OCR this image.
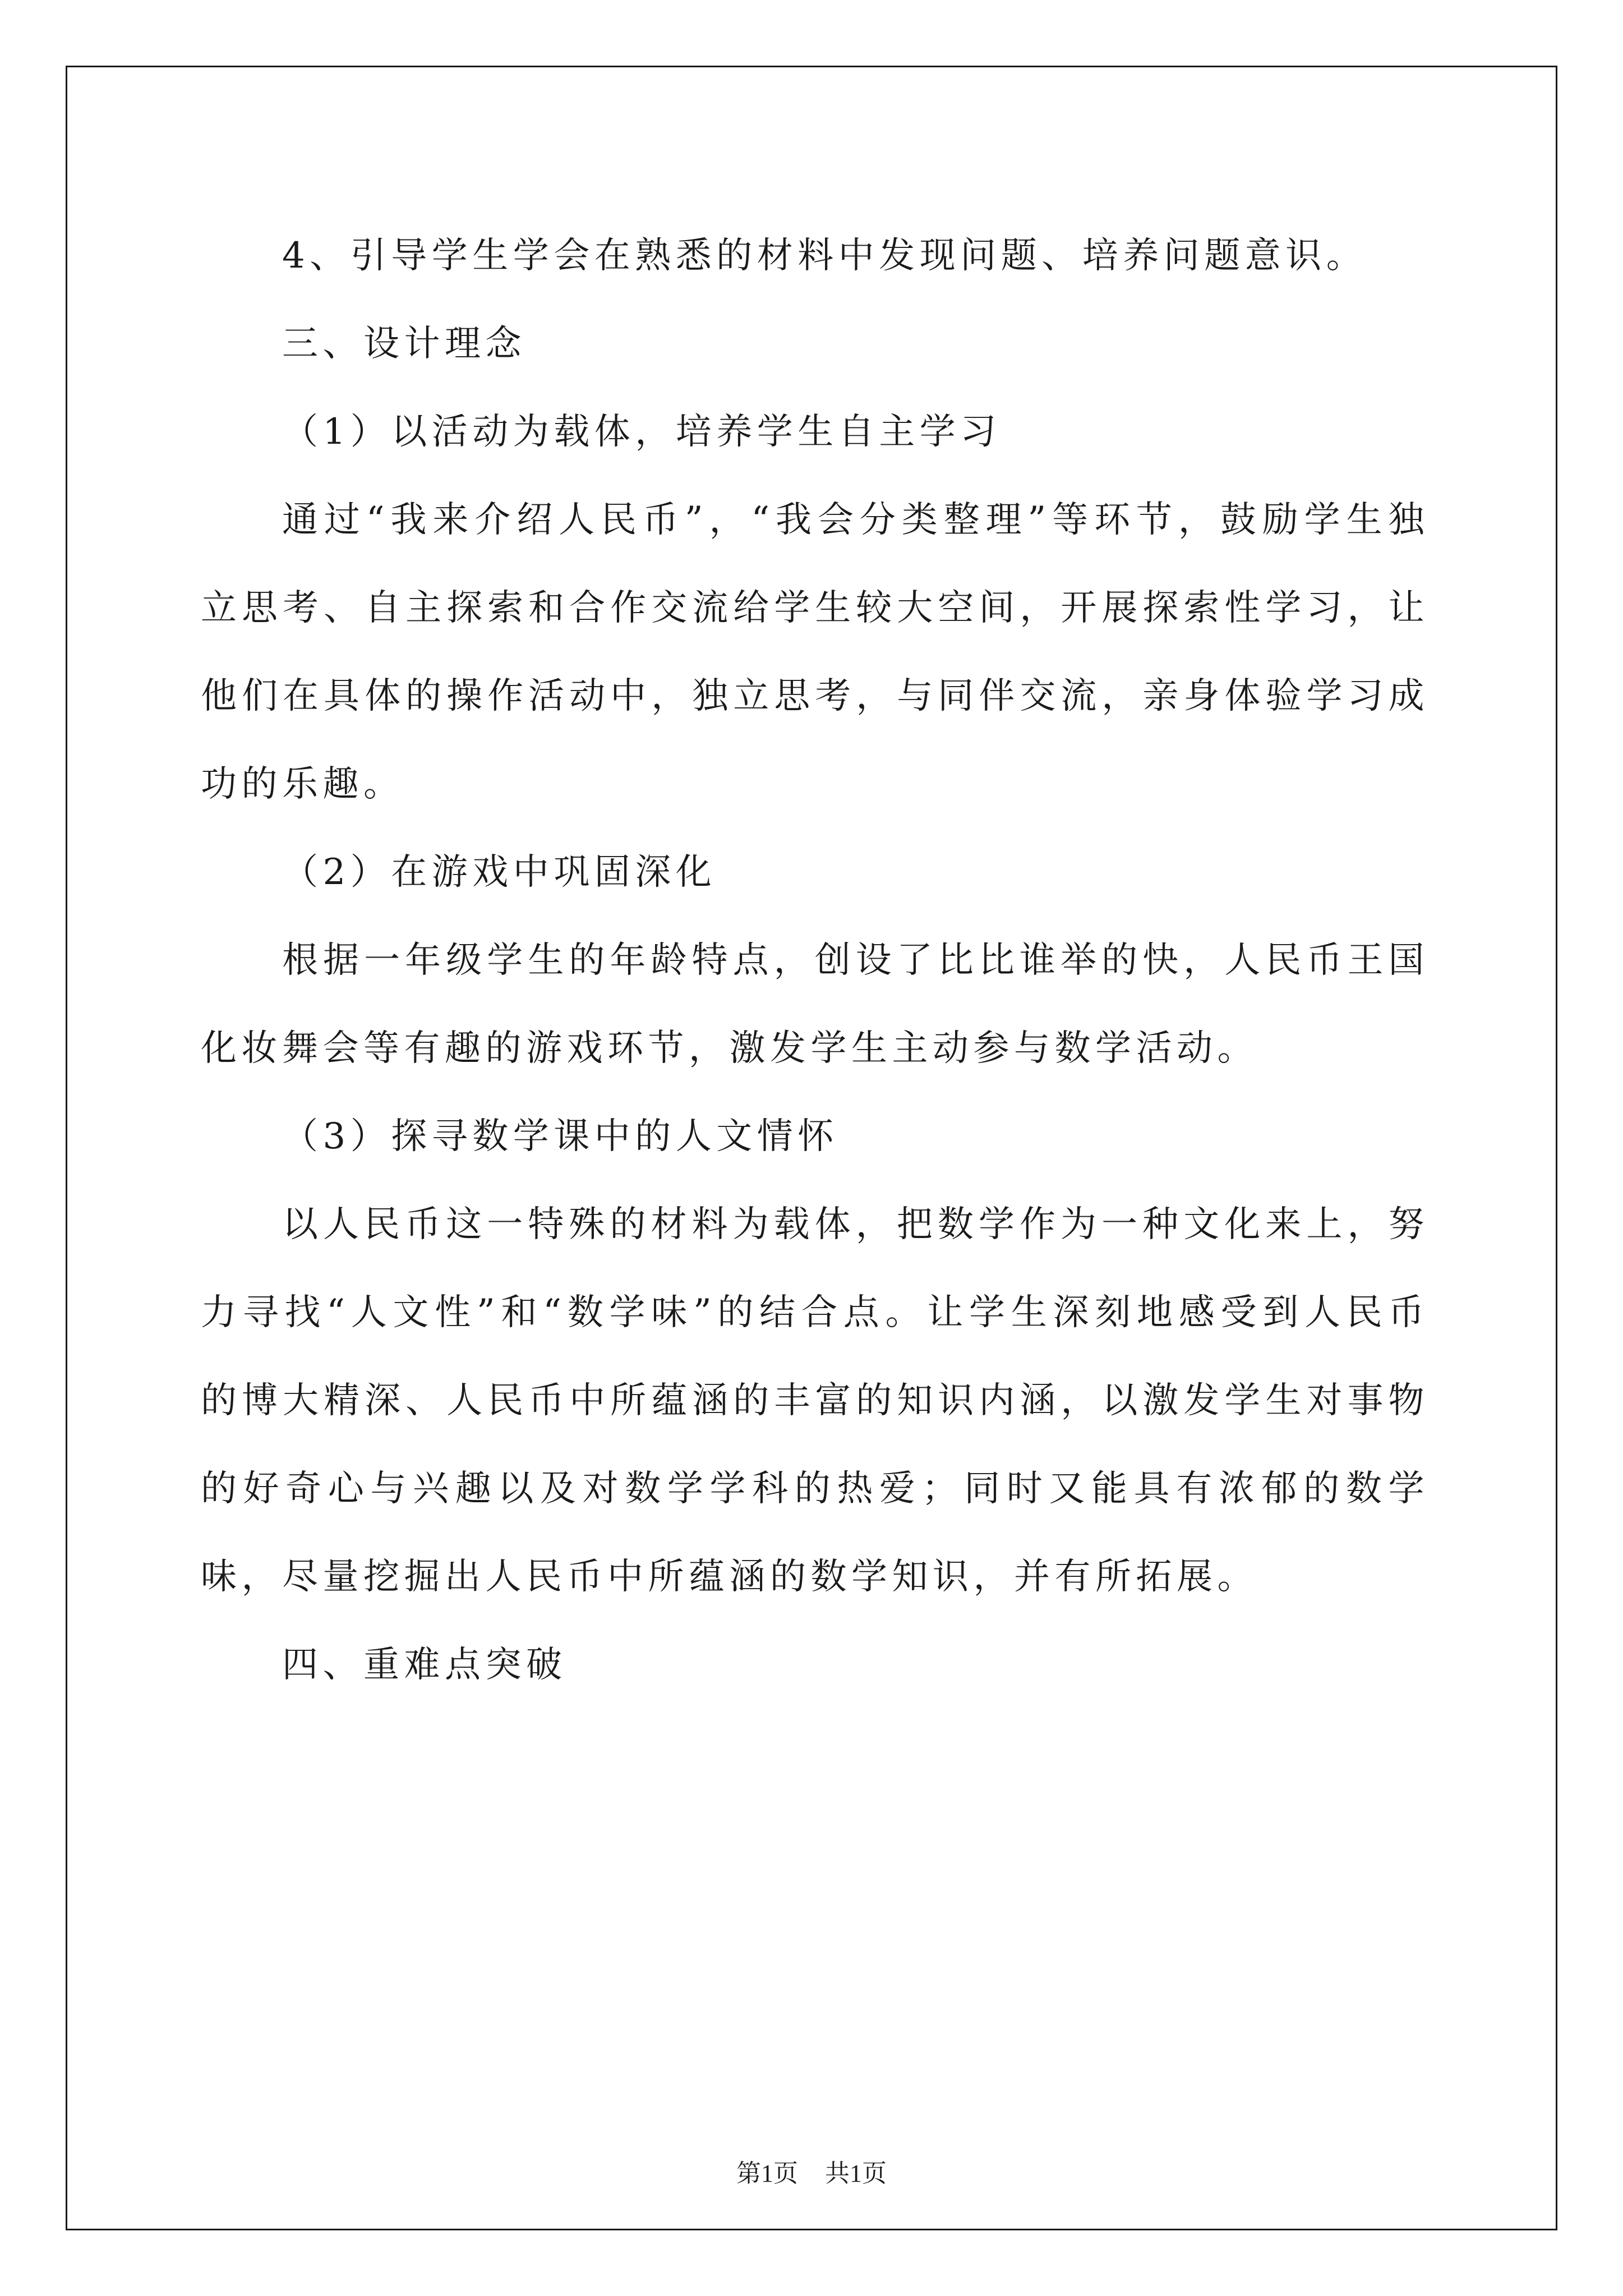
4、引导学生学会在熟悉的材料中发现问题、培养问题意识。

三、设计理念

（1）以活动为载体，培养学生自主学习

通过“我来介绍人民币”，“我会分类整理”等环节，鼓励学生独立思考、自主探索和合作交流给学生较大空间，开展探索性学习，让他们在具体的操作活动中，独立思考，与同伴交流，亲身体验学习成功的乐趣。

（2）在游戏中巩固深化

根据一年级学生的年龄特点，创设了比比谁举的快，人民币王国化妆舞会等有趣的游戏环节，激发学生主动参与数学活动。

（3）探寻数学课中的人文情怀

以人民币这一特殊的材料为载体，把数学作为一种文化来上，努力寻找“人文性”和“数学味”的结合点。让学生深刻地感受到人民币的博大精深、人民币中所蕴涵的丰富的知识内涵，以激发学生对事物的好奇心与兴趣以及对数学学科的热爱；同时又能具有浓郁的数学味，尽量挖掘出人民币中所蕴涵的数学知识，并有所拓展。

四、重难点突破

第1页 共1页
